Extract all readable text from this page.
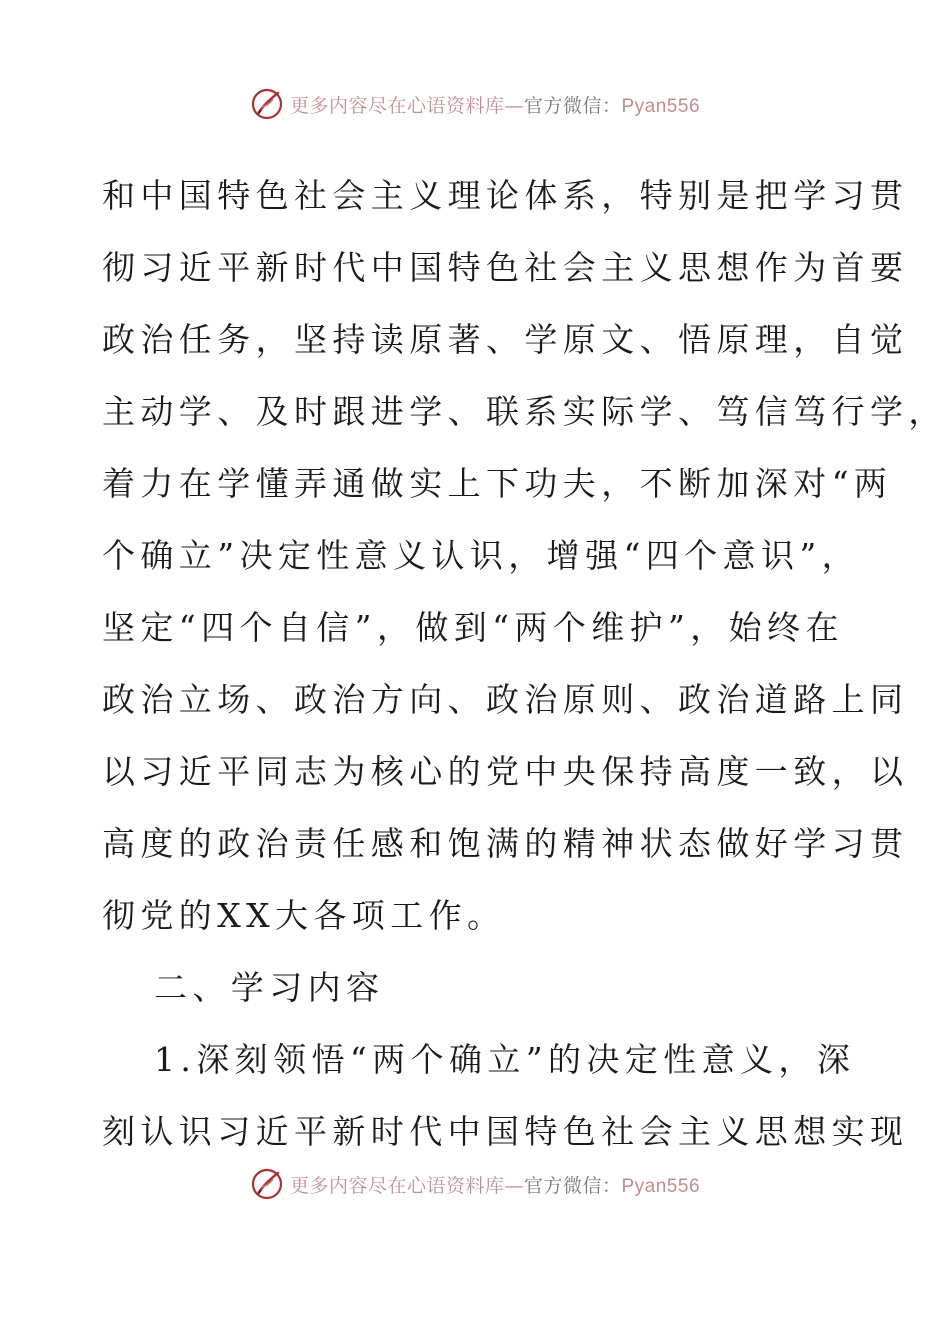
更多内容尽在心语资料库—官方微信：Pyan556
和中国特色社会主义理论体系，特别是把学习贯
彻习近平新时代中国特色社会主义思想作为首要
政治任务，坚持读原著、学原文、悟原理，自觉
主动学、及时跟进学、联系实际学、笃信笃行学，
着力在学懂弄通做实上下功夫，不断加深对“两
个确立”决定性意义认识，增强“四个意识”，
坚定“四个自信”，做到“两个维护”，始终在
政治立场、政治方向、政治原则、政治道路上同
以习近平同志为核心的党中央保持高度一致，以
高度的政治责任感和饱满的精神状态做好学习贯
彻党的XX大各项工作。
二、学习内容
1.深刻领悟“两个确立”的决定性意义，深
刻认识习近平新时代中国特色社会主义思想实现
更多内容尽在心语资料库—官方微信：Pyan556
